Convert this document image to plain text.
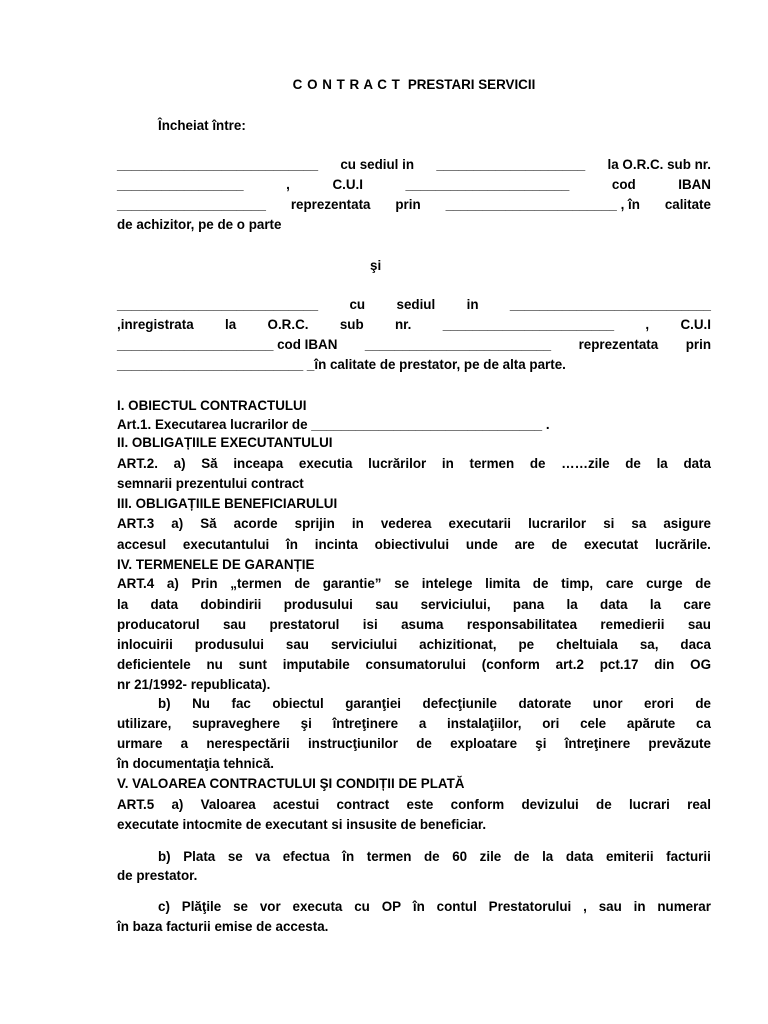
C O N T R A C T PRESTARI SERVICII
Încheiat între:
___________________________ cu sediul in ____________________ la O.R.C. sub nr.
_________________	,	C.U.I	______________________	cod	IBAN
____________________ reprezentata prin _______________________ , în calitate
de achizitor, pe de o parte
şi
___________________________ cu sediul in ___________________________
,inregistrata la O.R.C. sub nr. _______________________ , C.U.I
_____________________ cod IBAN _________________________ reprezentata prin
_________________________ _în calitate de prestator, pe de alta parte.
I. OBIECTUL CONTRACTULUI
Art.1. Executarea lucrarilor de _______________________________ .
II. OBLIGAȚIILE EXECUTANTULUI
ART.2. a) Să inceapa executia lucrărilor in termen de ……zile de la data
semnarii prezentului contract
III. OBLIGAȚIILE BENEFICIARULUI
ART.3 a) Să acorde sprijin in vederea executarii lucrarilor si sa asigure
accesul executantului în incinta obiectivului unde are de executat lucrările.
IV. TERMENELE DE GARANȚIE
ART.4 a) Prin „termen de garantie” se intelege limita de timp, care curge de
la data dobindirii produsului sau serviciului, pana la data la care
producatorul sau prestatorul isi asuma responsabilitatea remedierii sau
inlocuirii produsului sau serviciului achizitionat, pe cheltuiala sa, daca
deficientele nu sunt imputabile consumatorului (conform art.2 pct.17 din OG
nr 21/1992- republicata).
b) Nu fac obiectul garanţiei defecţiunile datorate unor erori de
utilizare, supraveghere şi întreţinere a instalaţiilor, ori cele apărute ca
urmare a nerespectării instrucţiunilor de exploatare şi întreţinere prevăzute
în documentaţia tehnică.
V. VALOAREA CONTRACTULUI ŞI CONDIȚII DE PLATĂ
ART.5 a) Valoarea acestui contract este conform devizului de lucrari real
executate intocmite de executant si insusite de beneficiar.
b) Plata se va efectua în termen de 60 zile de la data emiterii facturii
de prestator.
c) Plăţile se vor executa cu OP în contul Prestatorului , sau in numerar
în baza facturii emise de accesta.
